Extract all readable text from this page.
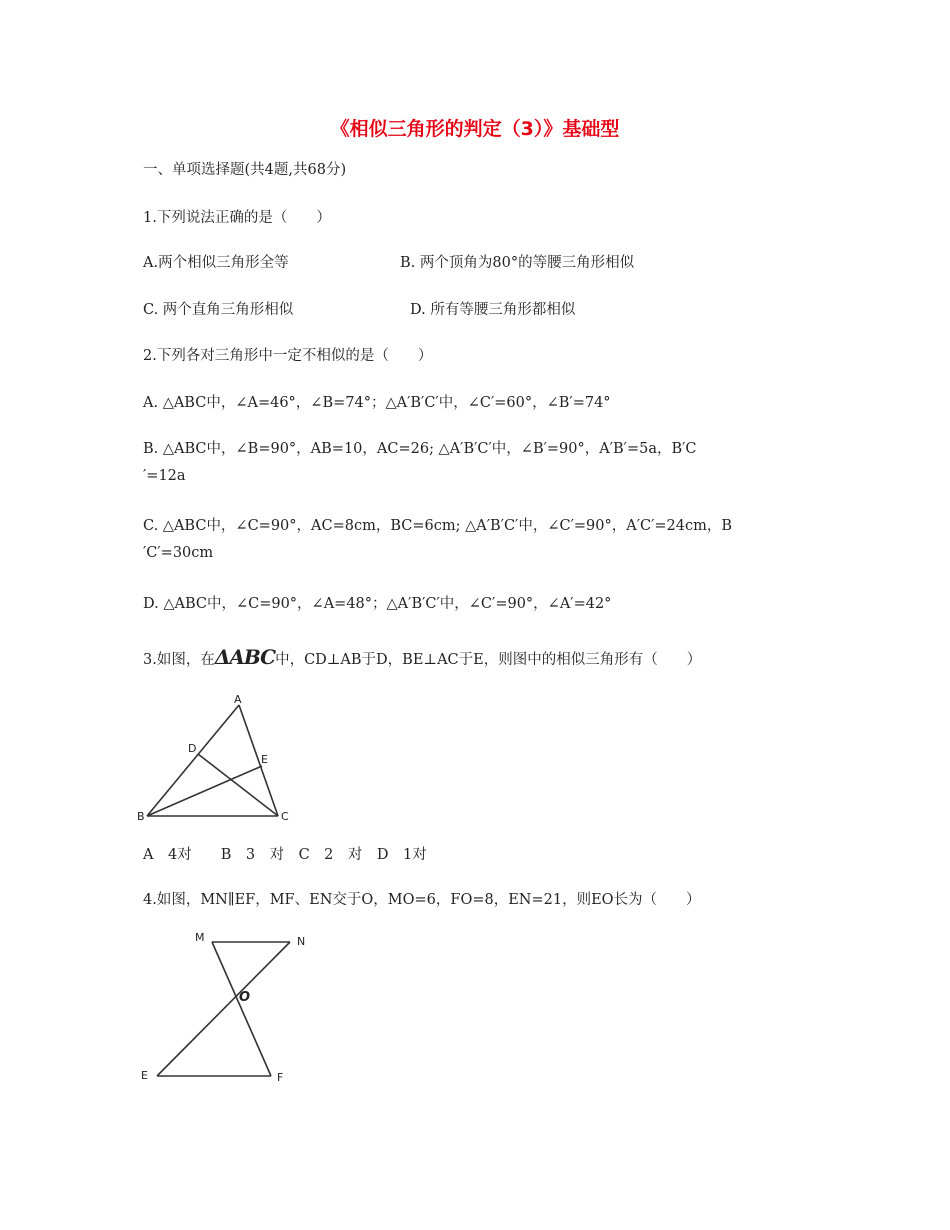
《相似三角形的判定（3）》基础型
一、单项选择题(共4题,共68分)
1.下列说法正确的是（　　）
A.两个相似三角形全等	B. 两个顶角为80°的等腰三角形相似
C. 两个直角三角形相似	D. 所有等腰三角形都相似
2.下列各对三角形中一定不相似的是（　　）
A. △ABC中，∠A=46°，∠B=74°；△A′B′C′中，∠C′=60°，∠B′=74°
B. △ABC中，∠B=90°，AB=10，AC=26; △A′B′C′中，∠B′=90°，A′B′=5a，B′C
′=12a
C. △ABC中，∠C=90°，AC=8cm，BC=6cm; △A′B′C′中，∠C′=90°，A′C′=24cm，B
′C′=30cm
D. △ABC中，∠C=90°，∠A=48°；△A′B′C′中，∠C′=90°，∠A′=42°
3.如图，在ΔABC中，CD⊥AB于D，BE⊥AC于E，则图中的相似三角形有（　　）
A
D
E
B	C
A　4对　　B　3　对　C　2　对　D　1对
4.如图，MN∥EF，MF、EN交于O，MO=6，FO=8，EN=21，则EO长为（　　）
M	N
O
E	F
